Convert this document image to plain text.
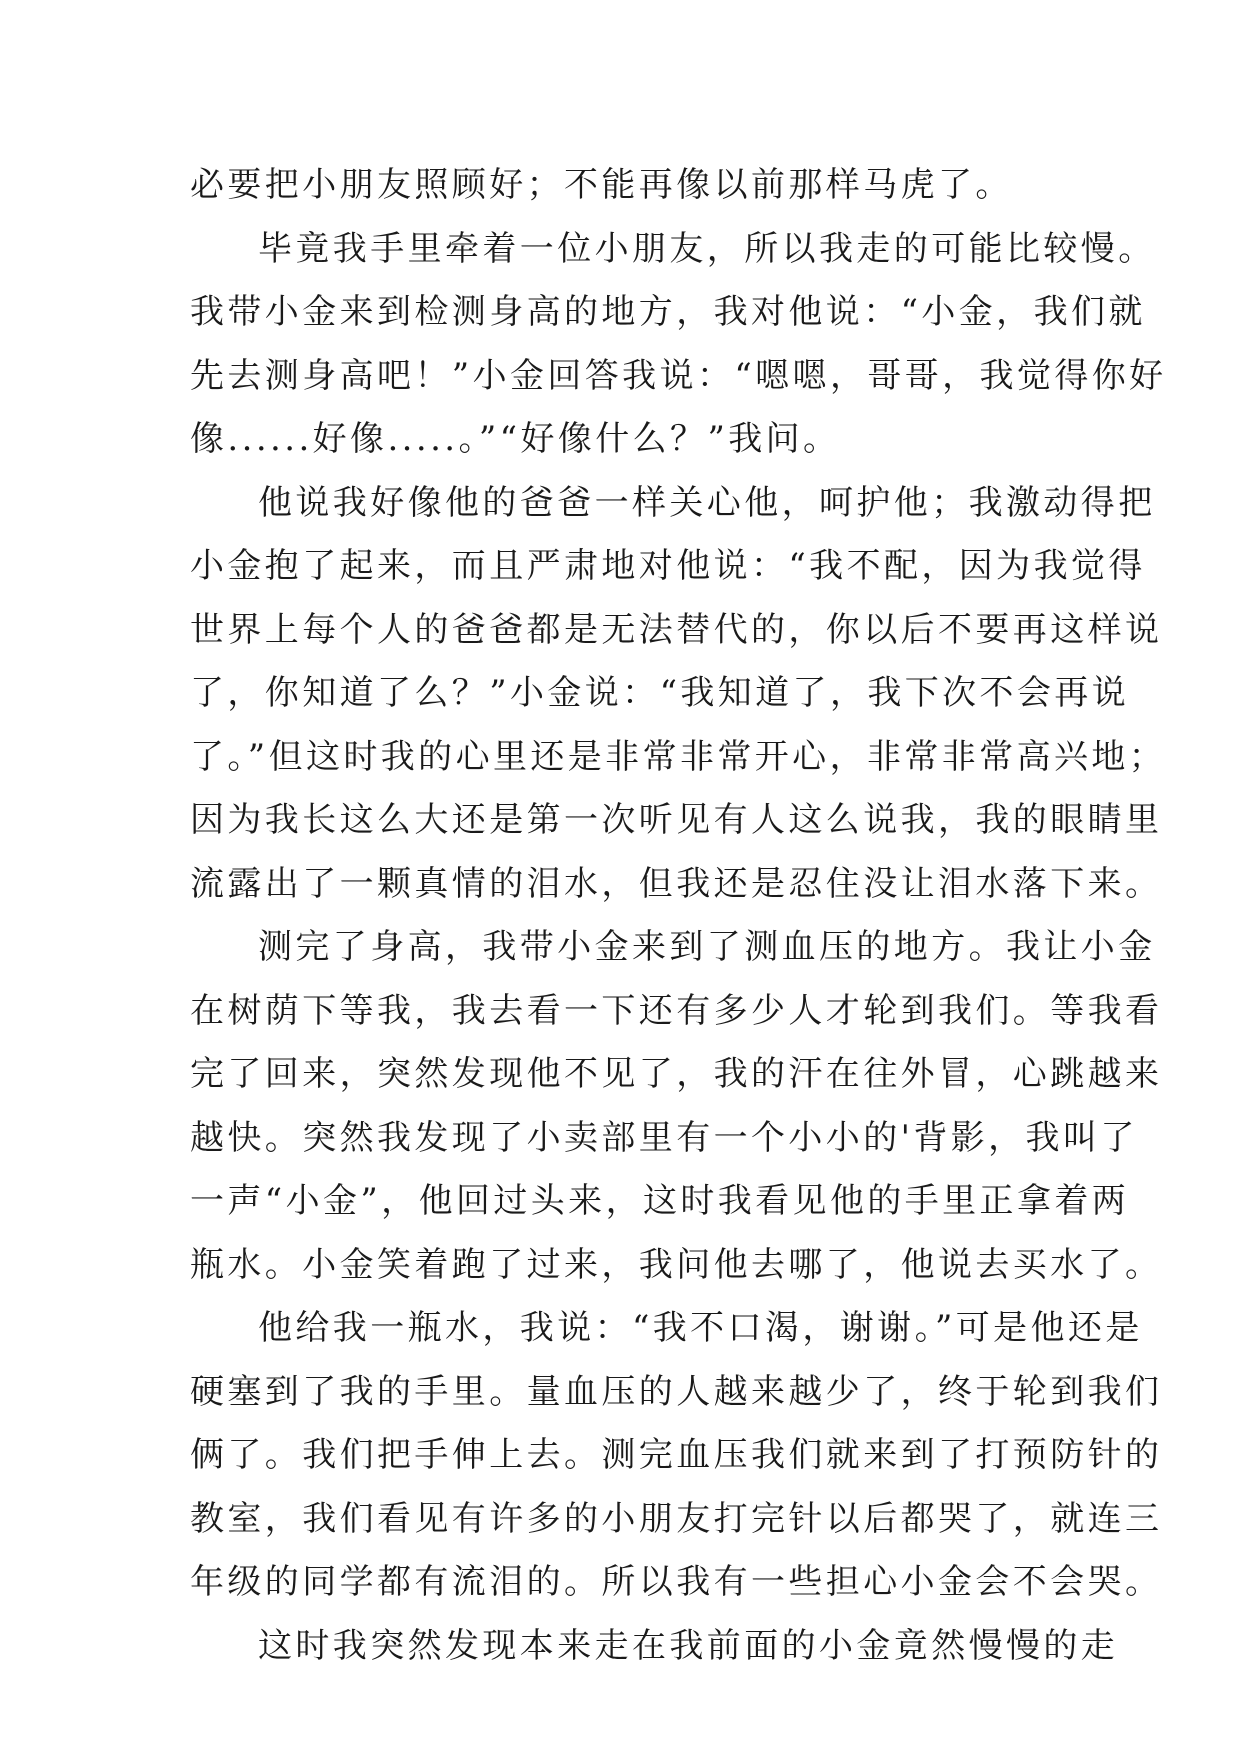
必要把小朋友照顾好；不能再像以前那样马虎了。
毕竟我手里牵着一位小朋友，所以我走的可能比较慢。
我带小金来到检测身高的地方，我对他说：“小金，我们就
先去测身高吧！”小金回答我说：“嗯嗯，哥哥，我觉得你好
像......好像.....。”“好像什么？”我问。
他说我好像他的爸爸一样关心他，呵护他；我激动得把
小金抱了起来，而且严肃地对他说：“我不配，因为我觉得
世界上每个人的爸爸都是无法替代的，你以后不要再这样说
了，你知道了么？”小金说：“我知道了，我下次不会再说
了。”但这时我的心里还是非常非常开心，非常非常高兴地；
因为我长这么大还是第一次听见有人这么说我，我的眼睛里
流露出了一颗真情的泪水，但我还是忍住没让泪水落下来。
测完了身高，我带小金来到了测血压的地方。我让小金
在树荫下等我，我去看一下还有多少人才轮到我们。等我看
完了回来，突然发现他不见了，我的汗在往外冒，心跳越来
越快。突然我发现了小卖部里有一个小小的'背影，我叫了
一声“小金”，他回过头来，这时我看见他的手里正拿着两
瓶水。小金笑着跑了过来，我问他去哪了，他说去买水了。
他给我一瓶水，我说：“我不口渴，谢谢。”可是他还是
硬塞到了我的手里。量血压的人越来越少了，终于轮到我们
俩了。我们把手伸上去。测完血压我们就来到了打预防针的
教室，我们看见有许多的小朋友打完针以后都哭了，就连三
年级的同学都有流泪的。所以我有一些担心小金会不会哭。
这时我突然发现本来走在我前面的小金竟然慢慢的走
